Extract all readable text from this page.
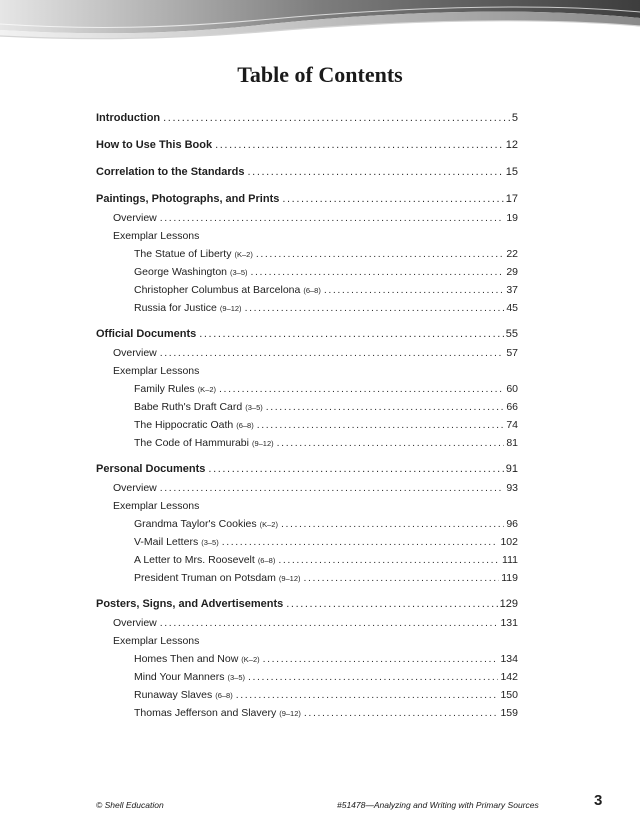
Table of Contents
Introduction .....	5
How to Use This Book .....	12
Correlation to the Standards .....	15
Paintings, Photographs, and Prints .....	17
Overview .....	19
Exemplar Lessons
The Statue of Liberty (K–2) .....	22
George Washington (3–5) .....	29
Christopher Columbus at Barcelona (6–8) .....	37
Russia for Justice (9–12) .....	45
Official Documents .....	55
Overview .....	57
Exemplar Lessons
Family Rules (K–2) .....	60
Babe Ruth's Draft Card (3–5) .....	66
The Hippocratic Oath (6–8) .....	74
The Code of Hammurabi (9–12) .....	81
Personal Documents .....	91
Overview .....	93
Exemplar Lessons
Grandma Taylor's Cookies (K–2) .....	96
V-Mail Letters (3–5) .....	102
A Letter to Mrs. Roosevelt (6–8) .....	111
President Truman on Potsdam (9–12) .....	119
Posters, Signs, and Advertisements .....	129
Overview .....	131
Exemplar Lessons
Homes Then and Now (K–2) .....	134
Mind Your Manners (3–5) .....	142
Runaway Slaves (6–8) .....	150
Thomas Jefferson and Slavery (9–12) .....	159
© Shell Education	#51478—Analyzing and Writing with Primary Sources	3
